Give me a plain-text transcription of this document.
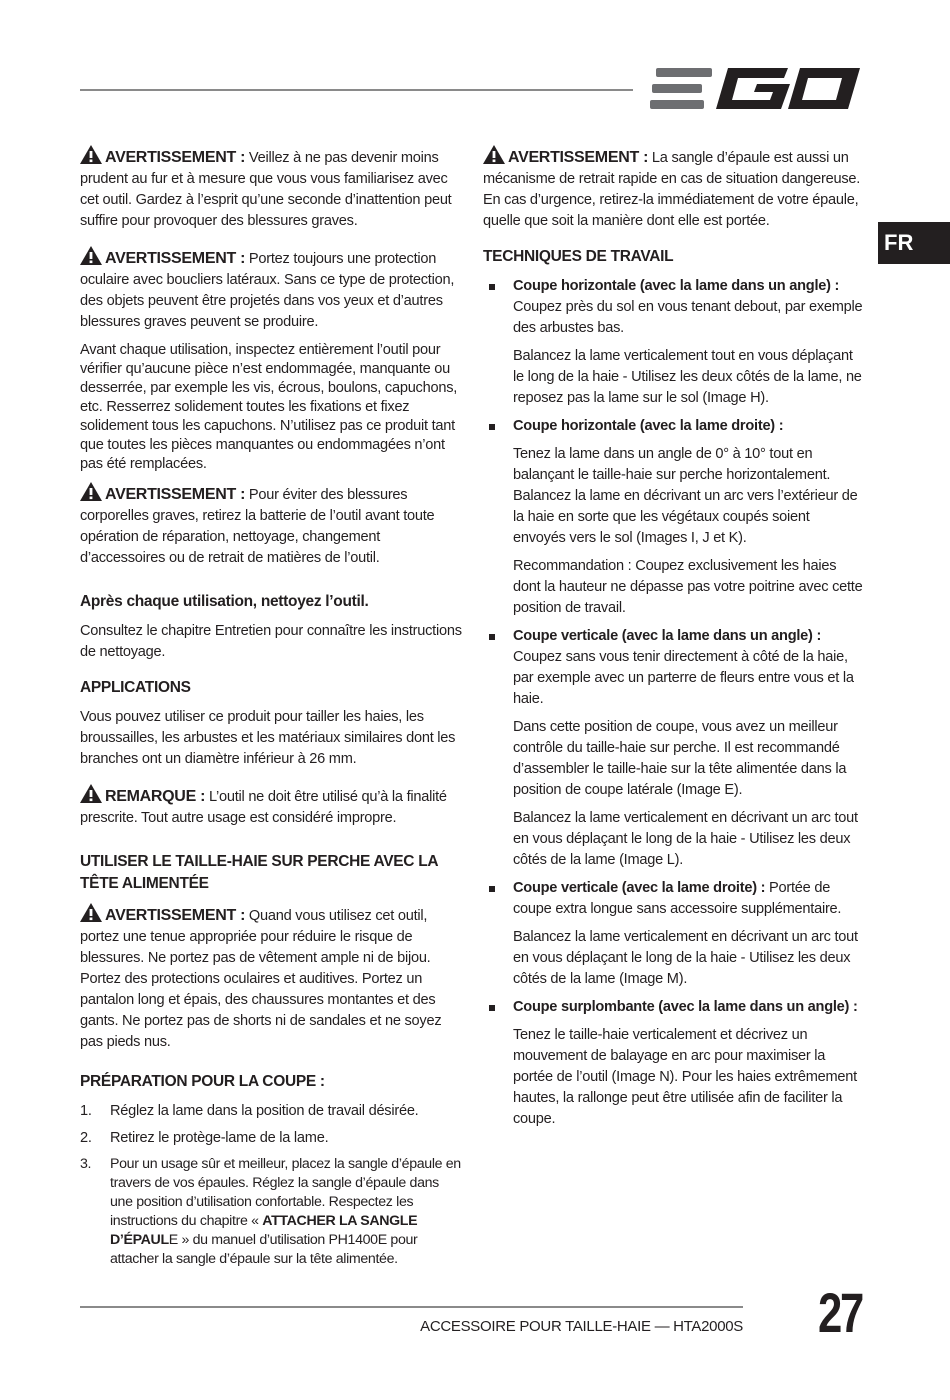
FR

AVERTISSEMENT : Veillez à ne pas devenir moins prudent au fur et à mesure que vous vous familiarisez avec cet outil. Gardez à l’esprit qu’une seconde d’inattention peut suffire pour provoquer des blessures graves.

AVERTISSEMENT : Portez toujours une protection oculaire avec boucliers latéraux. Sans ce type de protection, des objets peuvent être projetés dans vos yeux et d’autres blessures graves peuvent se produire.

Avant chaque utilisation, inspectez entièrement l’outil pour vérifier qu’aucune pièce n’est endommagée, manquante ou desserrée, par exemple les vis, écrous, boulons, capuchons, etc. Resserrez solidement toutes les fixations et fixez solidement tous les capuchons. N’utilisez pas ce produit tant que toutes les pièces manquantes ou endommagées n’ont pas été remplacées.

AVERTISSEMENT : Pour éviter des blessures corporelles graves, retirez la batterie de l’outil avant toute opération de réparation, nettoyage, changement d’accessoires ou de retrait de matières de l’outil.

Après chaque utilisation, nettoyez l’outil.

Consultez le chapitre Entretien pour connaître les instructions de nettoyage.

APPLICATIONS

Vous pouvez utiliser ce produit pour tailler les haies, les broussailles, les arbustes et les matériaux similaires dont les branches ont un diamètre inférieur à 26 mm.

REMARQUE : L’outil ne doit être utilisé qu’à la finalité prescrite. Tout autre usage est considéré impropre.

UTILISER LE TAILLE-HAIE SUR PERCHE AVEC LA TÊTE ALIMENTÉE

AVERTISSEMENT : Quand vous utilisez cet outil, portez une tenue appropriée pour réduire le risque de blessures. Ne portez pas de vêtement ample ni de bijou. Portez des protections oculaires et auditives. Portez un pantalon long et épais, des chaussures montantes et des gants. Ne portez pas de shorts ni de sandales et ne soyez pas pieds nus.

PRÉPARATION POUR LA COUPE :
1. Réglez la lame dans la position de travail désirée.
2. Retirez le protège-lame de la lame.
3. Pour un usage sûr et meilleur, placez la sangle d’épaule en travers de vos épaules. Réglez la sangle d’épaule dans une position d’utilisation confortable. Respectez les instructions du chapitre « ATTACHER LA SANGLE D’ÉPAULE » du manuel d’utilisation PH1400E pour attacher la sangle d’épaule sur la tête alimentée.

AVERTISSEMENT : La sangle d’épaule est aussi un mécanisme de retrait rapide en cas de situation dangereuse. En cas d’urgence, retirez-la immédiatement de votre épaule, quelle que soit la manière dont elle est portée.

TECHNIQUES DE TRAVAIL
Coupe horizontale (avec la lame dans un angle) : Coupez près du sol en vous tenant debout, par exemple des arbustes bas.

Balancez la lame verticalement tout en vous déplaçant le long de la haie - Utilisez les deux côtés de la lame, ne reposez pas la lame sur le sol (Image H).

Coupe horizontale (avec la lame droite) :

Tenez la lame dans un angle de 0° à 10° tout en balançant le taille-haie sur perche horizontalement. Balancez la lame en décrivant un arc vers l’extérieur de la haie en sorte que les végétaux coupés soient envoyés vers le sol (Images I, J et K).

Recommandation : Coupez exclusivement les haies dont la hauteur ne dépasse pas votre poitrine avec cette position de travail.

Coupe verticale (avec la lame dans un angle) : Coupez sans vous tenir directement à côté de la haie, par exemple avec un parterre de fleurs entre vous et la haie.

Dans cette position de coupe, vous avez un meilleur contrôle du taille-haie sur perche. Il est recommandé d’assembler le taille-haie sur la tête alimentée dans la position de coupe latérale (Image E).

Balancez la lame verticalement en décrivant un arc tout en vous déplaçant le long de la haie - Utilisez les deux côtés de la lame (Image L).

Coupe verticale (avec la lame droite) : Portée de coupe extra longue sans accessoire supplémentaire.

Balancez la lame verticalement en décrivant un arc tout en vous déplaçant le long de la haie - Utilisez les deux côtés de la lame (Image M).

Coupe surplombante (avec la lame dans un angle) :

Tenez le taille-haie verticalement et décrivez un mouvement de balayage en arc pour maximiser la portée de l’outil (Image N). Pour les haies extrêmement hautes, la rallonge peut être utilisée afin de faciliter la coupe.

ACCESSOIRE POUR TAILLE-HAIE — HTA2000S 27
